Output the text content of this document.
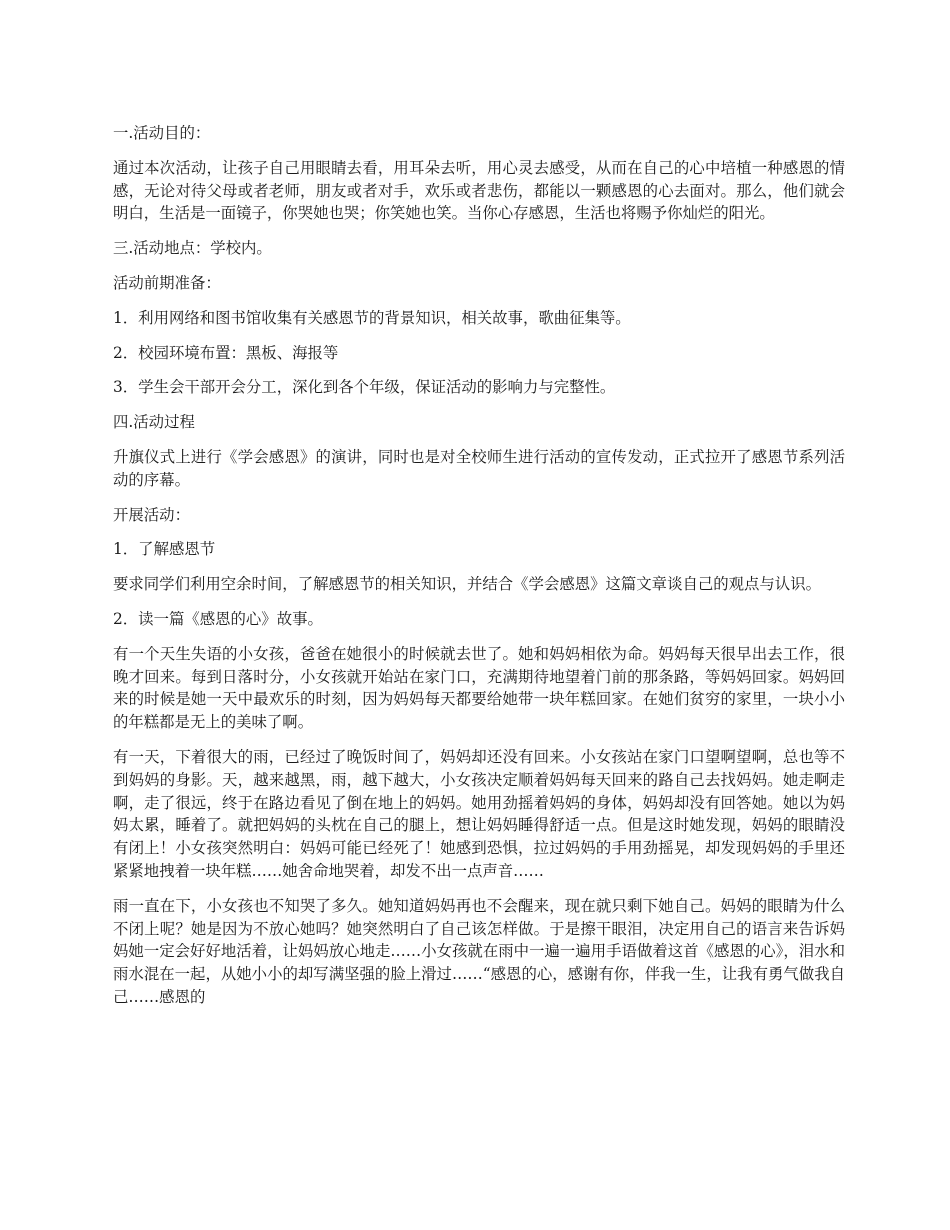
一.活动目的：

通过本次活动，让孩子自己用眼睛去看，用耳朵去听，用心灵去感受，从而在自己的心中培植一种感恩的情感，无论对待父母或者老师，朋友或者对手，欢乐或者悲伤，都能以一颗感恩的心去面对。那么，他们就会明白，生活是一面镜子，你哭她也哭；你笑她也笑。当你心存感恩，生活也将赐予你灿烂的阳光。

三.活动地点：学校内。

活动前期准备：

1．利用网络和图书馆收集有关感恩节的背景知识，相关故事，歌曲征集等。

2．校园环境布置：黑板、海报等

3．学生会干部开会分工，深化到各个年级，保证活动的影响力与完整性。

四.活动过程

升旗仪式上进行《学会感恩》的演讲，同时也是对全校师生进行活动的宣传发动，正式拉开了感恩节系列活动的序幕。

开展活动：

1．了解感恩节

要求同学们利用空余时间，了解感恩节的相关知识，并结合《学会感恩》这篇文章谈自己的观点与认识。

2．读一篇《感恩的心》故事。

有一个天生失语的小女孩，爸爸在她很小的时候就去世了。她和妈妈相依为命。妈妈每天很早出去工作，很晚才回来。每到日落时分，小女孩就开始站在家门口，充满期待地望着门前的那条路，等妈妈回家。妈妈回来的时候是她一天中最欢乐的时刻，因为妈妈每天都要给她带一块年糕回家。在她们贫穷的家里，一块小小的年糕都是无上的美味了啊。

有一天，下着很大的雨，已经过了晚饭时间了，妈妈却还没有回来。小女孩站在家门口望啊望啊，总也等不到妈妈的身影。天，越来越黑，雨，越下越大，小女孩决定顺着妈妈每天回来的路自己去找妈妈。她走啊走啊，走了很远，终于在路边看见了倒在地上的妈妈。她用劲摇着妈妈的身体，妈妈却没有回答她。她以为妈妈太累，睡着了。就把妈妈的头枕在自己的腿上，想让妈妈睡得舒适一点。但是这时她发现，妈妈的眼睛没有闭上！小女孩突然明白：妈妈可能已经死了！她感到恐惧，拉过妈妈的手用劲摇晃，却发现妈妈的手里还紧紧地拽着一块年糕……她舍命地哭着，却发不出一点声音……

雨一直在下，小女孩也不知哭了多久。她知道妈妈再也不会醒来，现在就只剩下她自己。妈妈的眼睛为什么不闭上呢？她是因为不放心她吗？她突然明白了自己该怎样做。于是擦干眼泪，决定用自己的语言来告诉妈妈她一定会好好地活着，让妈妈放心地走……小女孩就在雨中一遍一遍用手语做着这首《感恩的心》，泪水和雨水混在一起，从她小小的却写满坚强的脸上滑过……“感恩的心，感谢有你，伴我一生，让我有勇气做我自己……感恩的
